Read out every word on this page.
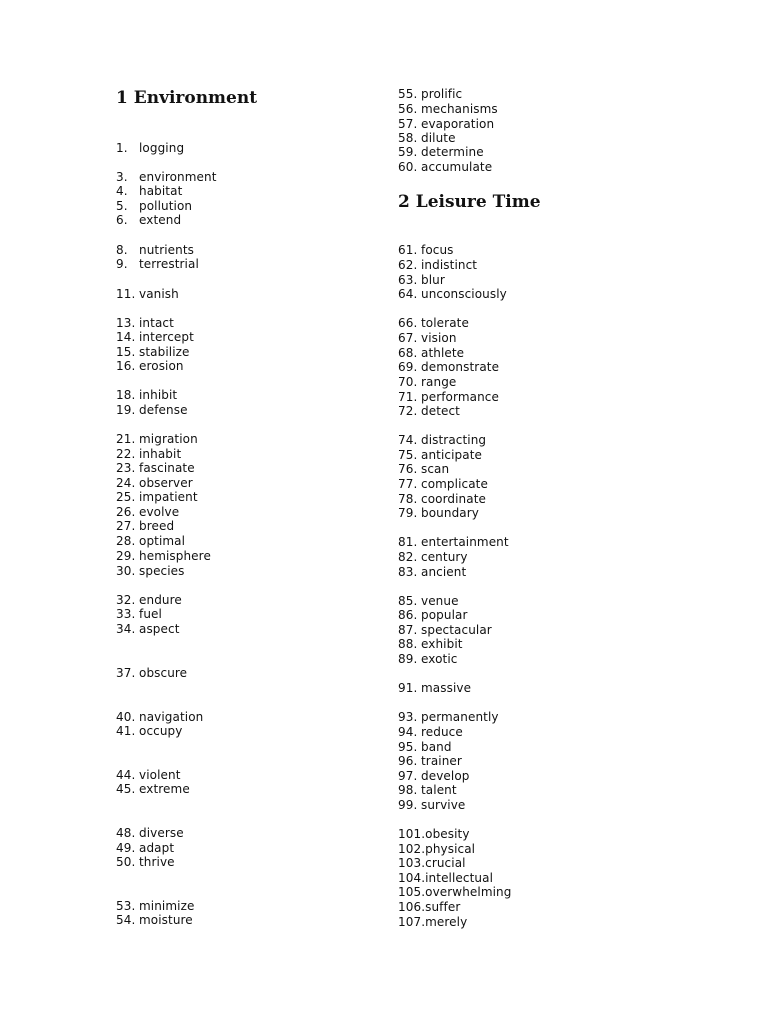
1 Environment
1. logging
3. environment
4. habitat
5. pollution
6. extend
8. nutrients
9. terrestrial
11. vanish
13. intact
14. intercept
15. stabilize
16. erosion
18. inhibit
19. defense
21. migration
22. inhabit
23. fascinate
24. observer
25. impatient
26. evolve
27. breed
28. optimal
29. hemisphere
30. species
32. endure
33. fuel
34. aspect
37. obscure
40. navigation
41. occupy
44. violent
45. extreme
48. diverse
49. adapt
50. thrive
53. minimize
54. moisture
2 Leisure Time
55. prolific
56. mechanisms
57. evaporation
58. dilute
59. determine
60. accumulate
61. focus
62. indistinct
63. blur
64. unconsciously
66. tolerate
67. vision
68. athlete
69. demonstrate
70. range
71. performance
72. detect
74. distracting
75. anticipate
76. scan
77. complicate
78. coordinate
79. boundary
81. entertainment
82. century
83. ancient
85. venue
86. popular
87. spectacular
88. exhibit
89. exotic
91. massive
93. permanently
94. reduce
95. band
96. trainer
97. develop
98. talent
99. survive
101.obesity
102.physical
103.crucial
104.intellectual
105.overwhelming
106.suffer
107.merely
